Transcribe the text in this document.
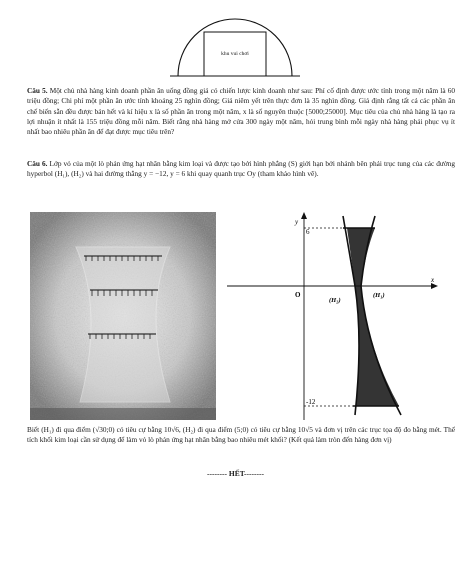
khu vui chơi
Câu 5. Một chủ nhà hàng kinh doanh phần ăn uống đồng giá có chiến lược kinh doanh như sau: Phí cố định được ước tính trong một năm là 60 triệu đồng; Chi phí một phần ăn ước tính khoảng 25 nghìn đồng; Giá niêm yết trên thực đơn là 35 nghìn đồng. Giả định rằng tất cả các phần ăn chế biến sẵn đều được bán hết và kí hiệu x là số phần ăn trong một năm, x là số nguyên thuộc [5000;25000]. Mục tiêu của chủ nhà hàng là tạo ra lợi nhuận ít nhất là 155 triệu đồng mỗi năm. Biết rằng nhà hàng mở cửa 300 ngày một năm, hỏi trung bình mỗi ngày nhà hàng phải phục vụ ít nhất bao nhiêu phần ăn để đạt được mục tiêu trên?
Câu 6. Lớp vỏ của một lò phản ứng hạt nhân bằng kim loại và được tạo bởi hình phẳng (S) giới hạn bởi nhánh bên phải trục tung của các đường hyperbol (H₁), (H₂) và hai đường thẳng y = −12, y = 6 khi quay quanh trục Oy (tham khảo hình vẽ).
y
x
O
6
-12
(H₂)
(H₁)
Biết (H₁) đi qua điểm (√30;0) có tiêu cự bằng 10√6, (H₂) đi qua điểm (5;0) có tiêu cự bằng 10√5 và đơn vị trên các trục tọa độ đo bằng mét. Thể tích khối kim loại cần sử dụng để làm vỏ lò phản ứng hạt nhân bằng bao nhiêu mét khối? (Kết quả làm tròn đến hàng đơn vị)
-------- HẾT--------
